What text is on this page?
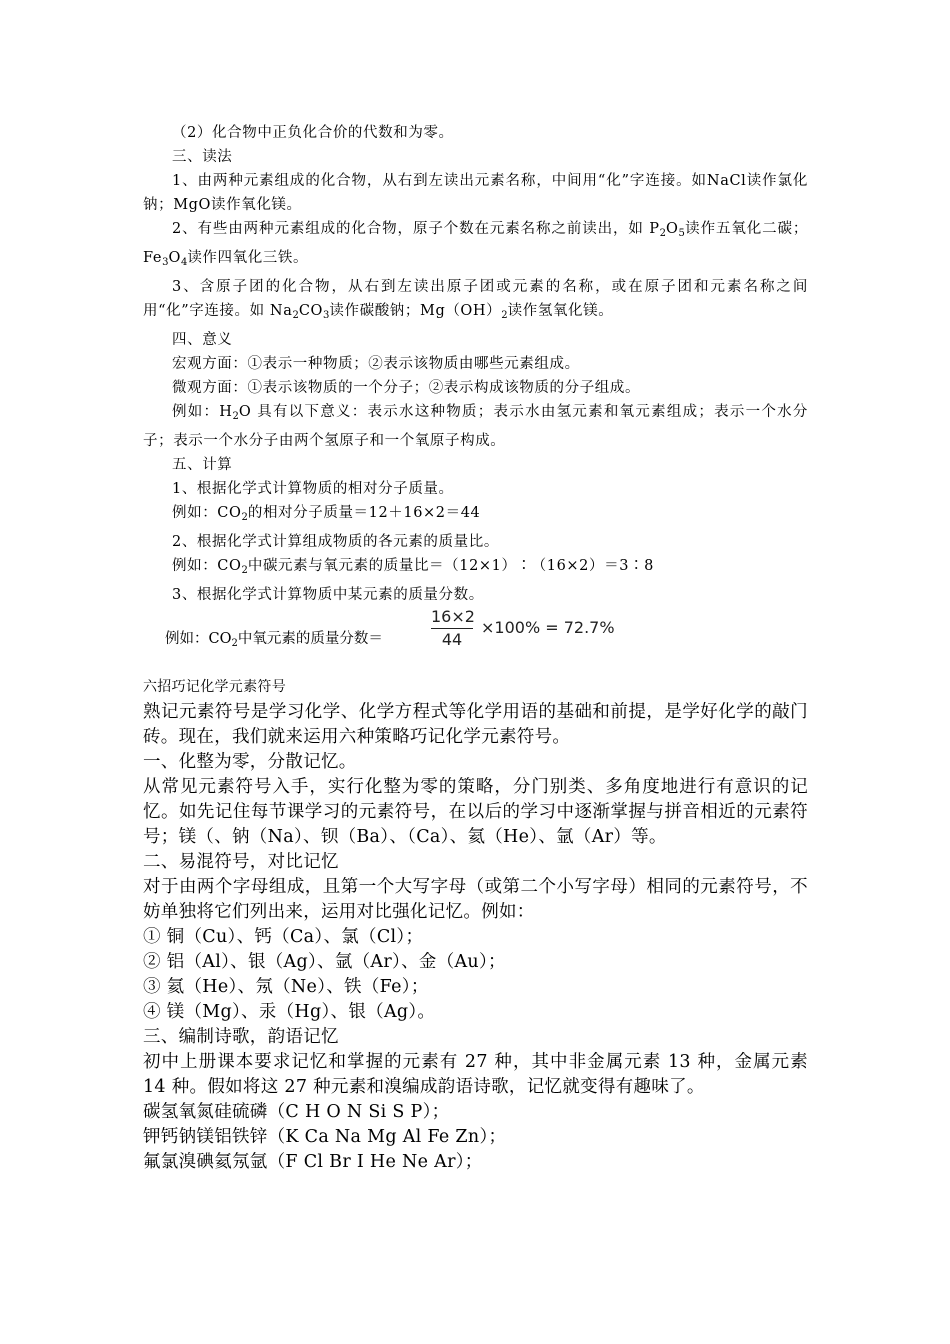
（2）化合物中正负化合价的代数和为零。

三、读法

1、由两种元素组成的化合物，从右到左读出元素名称，中间用“化”字连接。如NaCl读作氯化钠；MgO读作氧化镁。

2、有些由两种元素组成的化合物，原子个数在元素名称之前读出，如 $P_2O_5$读作五氧化二碳；$Fe_3O_4$读作四氧化三铁。

3、含原子团的化合物，从右到左读出原子团或元素的名称，或在原子团和元素名称之间用“化”字连接。如 $Na_2CO_3$读作碳酸钠；$Mg(OH)_2$读作氢氧化镁。

四、意义

宏观方面：①表示一种物质；②表示该物质由哪些元素组成。

微观方面：①表示该物质的一个分子；②表示构成该物质的分子组成。

例如：$H_2O$ 具有以下意义：表示水这种物质；表示水由氢元素和氧元素组成；表示一个水分子；表示一个水分子由两个氢原子和一个氧原子构成。

五、计算

1、根据化学式计算物质的相对分子质量。

例如：$CO_2$的相对分子质量＝12＋16×2＝44

2、根据化学式计算组成物质的各元素的质量比。

例如：$CO_2$中碳元素与氧元素的质量比＝（12×1）∶（16×2）＝3∶8

3、根据化学式计算物质中某元素的质量分数。

例如：$CO_2$中氧元素的质量分数＝
16×2
44
×100% = 72.7%

六招巧记化学元素符号

熟记元素符号是学习化学、化学方程式等化学用语的基础和前提，是学好化学的敲门砖。现在，我们就来运用六种策略巧记化学元素符号。

一、化整为零，分散记忆。

从常见元素符号入手，实行化整为零的策略，分门别类、多角度地进行有意识的记忆。如先记住每节课学习的元素符号，在以后的学习中逐渐掌握与拼音相近的元素符号；镁（、钠（Na）、钡（Ba）、（Ca）、氦（He）、氩（Ar）等。

二、易混符号，对比记忆

对于由两个字母组成，且第一个大写字母（或第二个小写字母）相同的元素符号，不妨单独将它们列出来，运用对比强化记忆。例如：

① 铜（Cu）、钙（Ca）、氯（Cl）；

② 铝（Al）、银（Ag）、氩（Ar）、金（Au）；

③ 氦（He）、氖（Ne）、铁（Fe）；

④ 镁（Mg）、汞（Hg）、银（Ag）。

三、编制诗歌，韵语记忆

初中上册课本要求记忆和掌握的元素有 27 种，其中非金属元素 13 种，金属元素 14 种。假如将这 27 种元素和溴编成韵语诗歌，记忆就变得有趣味了。

碳氢氧氮硅硫磷（C H O N Si S P）；

钾钙钠镁铝铁锌（K Ca Na Mg Al Fe Zn）；

氟氯溴碘氦氖氩（F Cl Br I He Ne Ar）；
